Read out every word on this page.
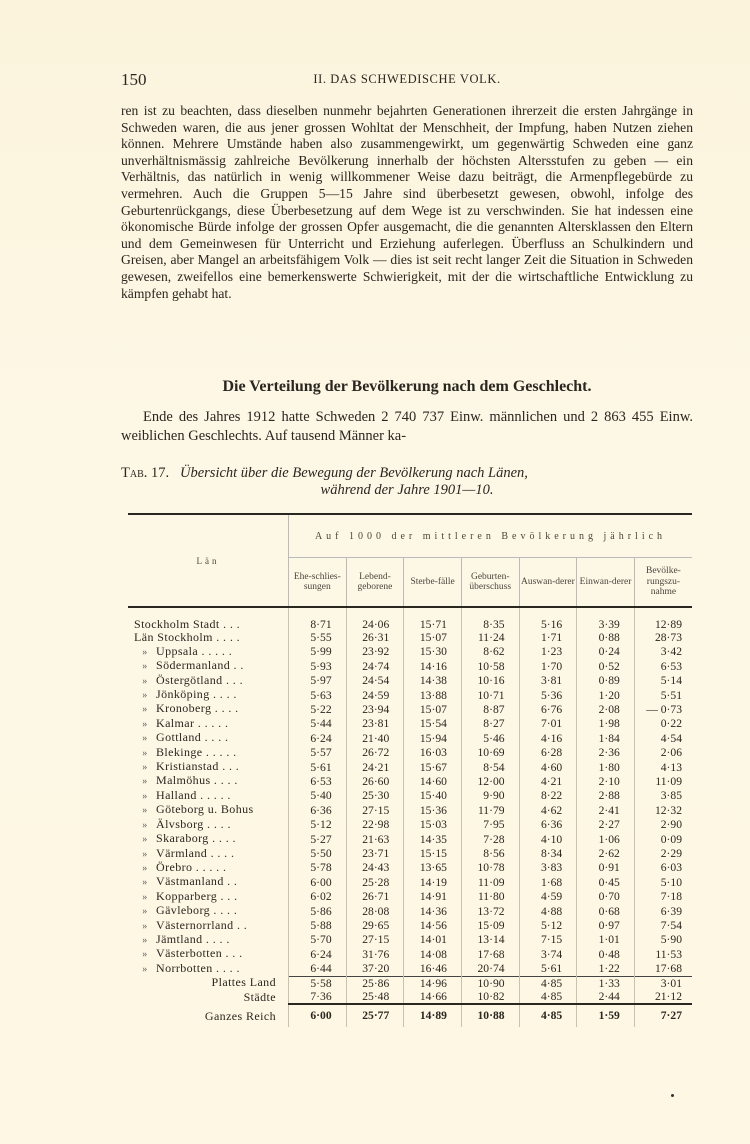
150	II. DAS SCHWEDISCHE VOLK.
ren ist zu beachten, dass dieselben nunmehr bejahrten Generationen ihrerzeit die ersten Jahrgänge in Schweden waren, die aus jener grossen Wohltat der Menschheit, der Impfung, haben Nutzen ziehen können. Mehrere Umstände haben also zusammengewirkt, um gegenwärtig Schweden eine ganz unverhältnismässig zahlreiche Bevölkerung innerhalb der höchsten Altersstufen zu geben — ein Verhältnis, das natürlich in wenig willkommener Weise dazu beiträgt, die Armenpflegebürde zu vermehren. Auch die Gruppen 5—15 Jahre sind überbesetzt gewesen, obwohl, infolge des Geburtenrückgangs, diese Überbesetzung auf dem Wege ist zu verschwinden. Sie hat indessen eine ökonomische Bürde infolge der grossen Opfer ausgemacht, die die genannten Altersklassen den Eltern und dem Gemeinwesen für Unterricht und Erziehung auferlegen. Überfluss an Schulkindern und Greisen, aber Mangel an arbeitsfähigem Volk — dies ist seit recht langer Zeit die Situation in Schweden gewesen, zweifellos eine bemerkenswerte Schwierigkeit, mit der die wirtschaftliche Entwicklung zu kämpfen gehabt hat.
Die Verteilung der Bevölkerung nach dem Geschlecht.
Ende des Jahres 1912 hatte Schweden 2 740 737 Einw. männlichen und 2 863 455 Einw. weiblichen Geschlechts. Auf tausend Männer ka-
Tab. 17. Übersicht über die Bewegung der Bevölkerung nach Länen,
während der Jahre 1901—10.
Län	Auf 1000 der mittleren Bevölkerung jährlich						
	Ehe-​schlies-​sungen	Lebend-​geborene	Sterbe-​fälle	Geburten-​überschuss	Auswan-​derer	Einwan-​derer	Bevölke-​rungszu-​nahme
Stockholm Stadt . . .	8·71	24·06	15·71	8·35	5·16	3·39	12·89
Län Stockholm . . . .	5·55	26·31	15·07	11·24	1·71	0·88	28·73
» Uppsala . . . . .	5·99	23·92	15·30	8·62	1·23	0·24	3·42
» Södermanland . .	5·93	24·74	14·16	10·58	1·70	0·52	6·53
» Östergötland . . .	5·97	24·54	14·38	10·16	3·81	0·89	5·14
» Jönköping . . . .	5·63	24·59	13·88	10·71	5·36	1·20	5·51
» Kronoberg . . . .	5·22	23·94	15·07	8·87	6·76	2·08	— 0·73
» Kalmar . . . . .	5·44	23·81	15·54	8·27	7·01	1·98	0·22
» Gottland . . . .	6·24	21·40	15·94	5·46	4·16	1·84	4·54
» Blekinge . . . . .	5·57	26·72	16·03	10·69	6·28	2·36	2·06
» Kristianstad . . .	5·61	24·21	15·67	8·54	4·60	1·80	4·13
» Malmöhus . . . .	6·53	26·60	14·60	12·00	4·21	2·10	11·09
» Halland . . . . .	5·40	25·30	15·40	9·90	8·22	2·88	3·85
» Göteborg u. Bohus	6·36	27·15	15·36	11·79	4·62	2·41	12·32
» Älvsborg . . . .	5·12	22·98	15·03	7·95	6·36	2·27	2·90
» Skaraborg . . . .	5·27	21·63	14·35	7·28	4·10	1·06	0·09
» Värmland . . . .	5·50	23·71	15·15	8·56	8·34	2·62	2·29
» Örebro . . . . .	5·78	24·43	13·65	10·78	3·83	0·91	6·03
» Västmanland . .	6·00	25·28	14·19	11·09	1·68	0·45	5·10
» Kopparberg . . .	6·02	26·71	14·91	11·80	4·59	0·70	7·18
» Gävleborg . . . .	5·86	28·08	14·36	13·72	4·88	0·68	6·39
» Västernorrland . .	5·88	29·65	14·56	15·09	5·12	0·97	7·54
» Jämtland . . . .	5·70	27·15	14·01	13·14	7·15	1·01	5·90
» Västerbotten . . .	6·24	31·76	14·08	17·68	3·74	0·48	11·53
» Norrbotten . . . .	6·44	37·20	16·46	20·74	5·61	1·22	17·68
Plattes Land	5·58	25·86	14·96	10·90	4·85	1·33	3·01
Städte	7·36	25·48	14·66	10·82	4·85	2·44	21·12
Ganzes Reich	6·00	25·77	14·89	10·88	4·85	1·59	7·27
